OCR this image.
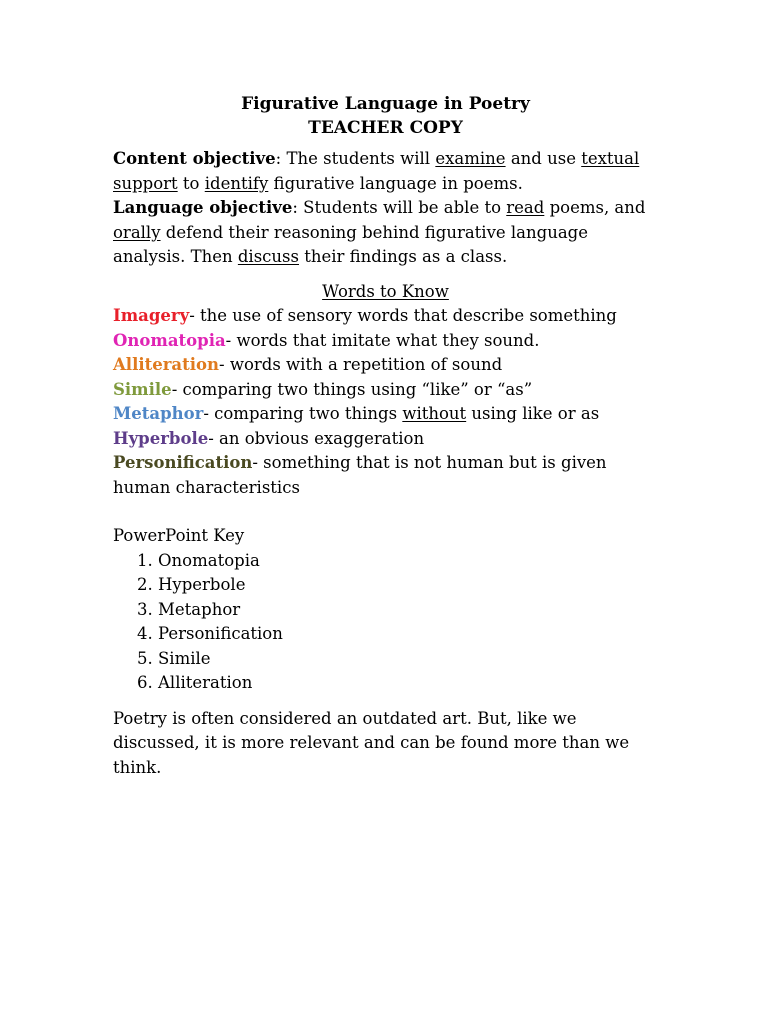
Figurative Language in Poetry
TEACHER COPY

Content objective: The students will examine and use textual support to identify figurative language in poems.

Language objective: Students will be able to read poems, and orally defend their reasoning behind figurative language analysis. Then discuss their findings as a class.

Words to Know

Imagery- the use of sensory words that describe something

Onomatopia- words that imitate what they sound.

Alliteration- words with a repetition of sound

Simile- comparing two things using “like” or “as”

Metaphor- comparing two things without using like or as

Hyperbole- an obvious exaggeration

Personification- something that is not human but is given human characteristics

PowerPoint Key
1. Onomatopia
2. Hyperbole
3. Metaphor
4. Personification
5. Simile
6. Alliteration
Poetry is often considered an outdated art. But, like we discussed, it is more relevant and can be found more than we think.
